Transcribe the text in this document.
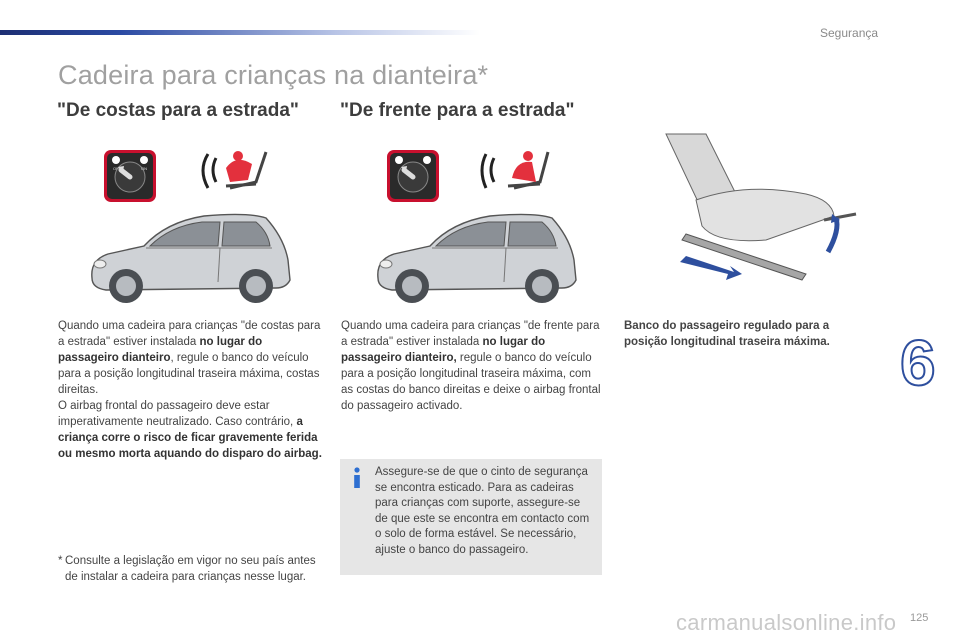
Segurança
Cadeira para crianças na dianteira*
"De costas para a estrada" "De frente para a estrada"
OFF	ON
Quando uma cadeira para crianças "de costas para a estrada" estiver instalada no lugar do passageiro dianteiro, regule o banco do veículo para a posição longitudinal traseira máxima, costas direitas.
O airbag frontal do passageiro deve estar imperativamente neutralizado. Caso contrário, a criança corre o risco de ficar gravemente ferida ou mesmo morta aquando do disparo do airbag.
Quando uma cadeira para crianças "de frente para a estrada" estiver instalada no lugar do passageiro dianteiro, regule o banco do veículo para a posição longitudinal traseira máxima, com as costas do banco direitas e deixe o airbag frontal do passageiro activado.
Banco do passageiro regulado para a posição longitudinal traseira máxima.
Assegure-se de que o cinto de segurança se encontra esticado. Para as cadeiras para crianças com suporte, assegure-se de que este se encontra em contacto com o solo de forma estável. Se necessário, ajuste o banco do passageiro.
* Consulte a legislação em vigor no seu país antes de instalar a cadeira para crianças nesse lugar.
6
carmanualsonline.info 125
